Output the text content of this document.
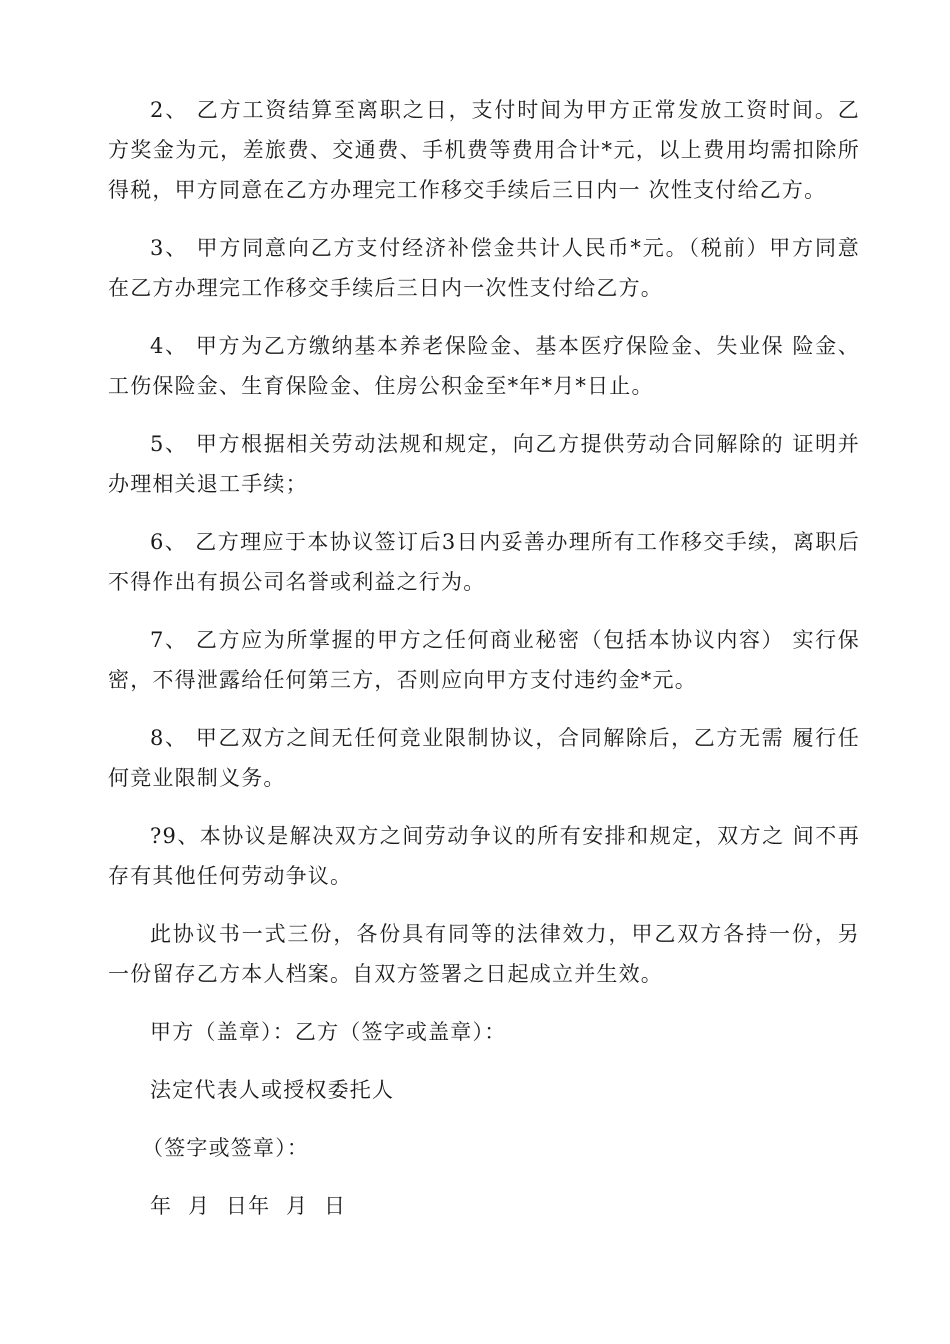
2、 乙方工资结算至离职之日，支付时间为甲方正常发放工资时间。乙方奖金为元，差旅费、交通费、手机费等费用合计*元，以上费用均需扣除所得税，甲方同意在乙方办理完工作移交手续后三日内一 次性支付给乙方。

3、 甲方同意向乙方支付经济补偿金共计人民币*元。（税前）甲方同意在乙方办理完工作移交手续后三日内一次性支付给乙方。

4、 甲方为乙方缴纳基本养老保险金、基本医疗保险金、失业保 险金、工伤保险金、生育保险金、住房公积金至*年*月*日止。

5、 甲方根据相关劳动法规和规定，向乙方提供劳动合同解除的 证明并办理相关退工手续；

6、 乙方理应于本协议签订后3日内妥善办理所有工作移交手续，离职后不得作出有损公司名誉或利益之行为。

7、 乙方应为所掌握的甲方之任何商业秘密（包括本协议内容） 实行保密，不得泄露给任何第三方，否则应向甲方支付违约金*元。

8、 甲乙双方之间无任何竞业限制协议，合同解除后，乙方无需 履行任何竞业限制义务。

?9、本协议是解决双方之间劳动争议的所有安排和规定，双方之 间不再存有其他任何劳动争议。

此协议书一式三份，各份具有同等的法律效力，甲乙双方各持一份，另一份留存乙方本人档案。自双方签署之日起成立并生效。

甲方（盖章）：乙方（签字或盖章）：
法定代表人或授权委托人
（签字或签章）：
年  月  日年  月  日
